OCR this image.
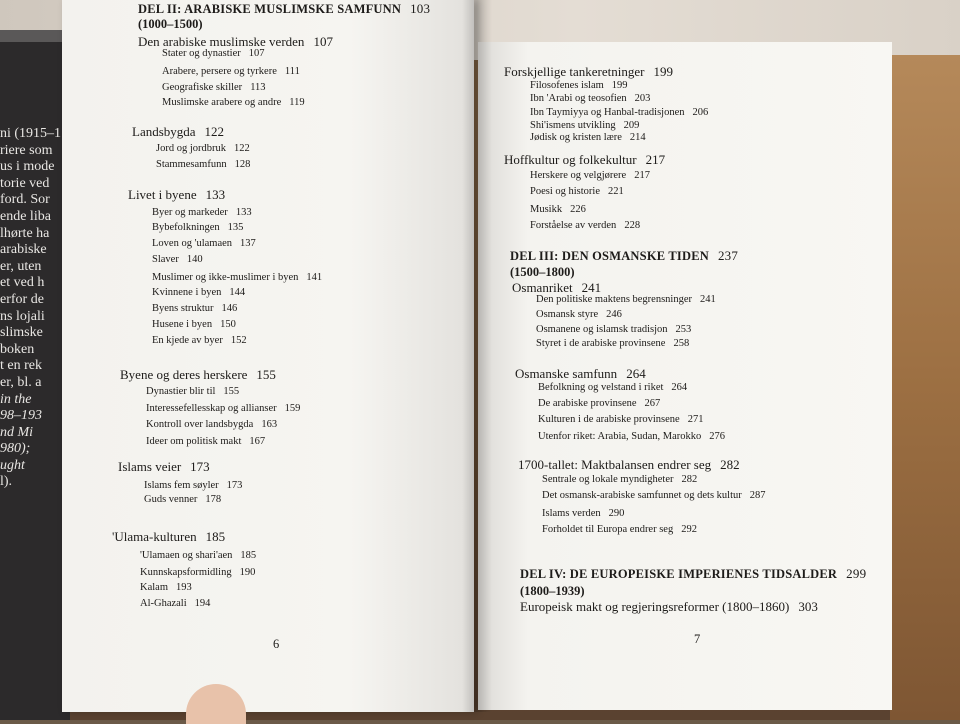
ni (1915–1
riere som
us i mode
torie ved
ford. Sor
ende liba
lhørte ha
arabiske
er, uten
et ved h
erfor de
ns lojali
slimske
boken
t en rek
er, bl. a
in the
98–193
nd Mi
980);
ught
l).
DEL II: ARABISKE MUSLIMSKE SAMFUNN 103
(1000–1500)
Den arabiske muslimske verden 107
Stater og dynastier 107
Arabere, persere og tyrkere 111
Geografiske skiller 113
Muslimske arabere og andre 119
Landsbygda 122
Jord og jordbruk 122
Stammesamfunn 128
Livet i byene 133
Byer og markeder 133
Bybefolkningen 135
Loven og 'ulamaen 137
Slaver 140
Muslimer og ikke-muslimer i byen 141
Kvinnene i byen 144
Byens struktur 146
Husene i byen 150
En kjede av byer 152
Byene og deres herskere 155
Dynastier blir til 155
Interessefellesskap og allianser 159
Kontroll over landsbygda 163
Ideer om politisk makt 167
Islams veier 173
Islams fem søyler 173
Guds venner 178
'Ulama-kulturen 185
'Ulamaen og shari'aen 185
Kunnskapsformidling 190
Kalam 193
Al-Ghazali 194
6
Forskjellige tankeretninger 199
Filosofenes islam 199
Ibn 'Arabi og teosofien 203
Ibn Taymiyya og Hanbal-tradisjonen 206
Shi'ismens utvikling 209
Jødisk og kristen lære 214
Hoffkultur og folkekultur 217
Herskere og velgjørere 217
Poesi og historie 221
Musikk 226
Forståelse av verden 228
DEL III: DEN OSMANSKE TIDEN 237
(1500–1800)
Osmanriket 241
Den politiske maktens begrensninger 241
Osmansk styre 246
Osmanene og islamsk tradisjon 253
Styret i de arabiske provinsene 258
Osmanske samfunn 264
Befolkning og velstand i riket 264
De arabiske provinsene 267
Kulturen i de arabiske provinsene 271
Utenfor riket: Arabia, Sudan, Marokko 276
1700-tallet: Maktbalansen endrer seg 282
Sentrale og lokale myndigheter 282
Det osmansk-arabiske samfunnet og dets kultur 287
Islams verden 290
Forholdet til Europa endrer seg 292
DEL IV: DE EUROPEISKE IMPERIENES TIDSALDER 299
(1800–1939)
Europeisk makt og regjeringsreformer (1800–1860) 303
7
